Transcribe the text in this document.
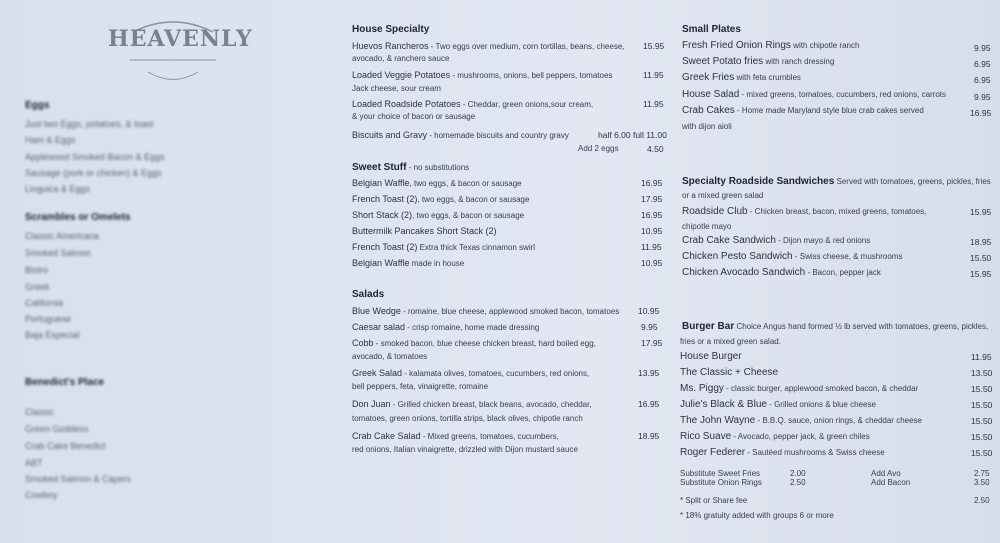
HEAVENLY
Eggs
Just two Eggs, potatoes, & toast
Ham & Eggs
Applewood Smoked Bacon & Eggs
Sausage (pork or chicken) & Eggs
Linguica & Eggs
Scrambles or Omelets
Classic Americana
Smoked Salmon
Bistro
Greek
California
Portuguese
Baja Especial
Benedict's Place
Classic
Green Goddess
Crab Cake Benedict
ABT
Smoked Salmon & Capers
Cowboy
House Specialty
Huevos Rancheros - Two eggs over medium, corn tortillas, beans, cheese,
avocado, & ranchero sauce
15.95
Loaded Veggie Potatoes - mushrooms, onions, bell peppers, tomatoes
Jack cheese, sour cream
11.95
Loaded Roadside Potatoes - Cheddar, green onions,sour cream,
& your choice of bacon or sausage
11.95
Biscuits and Gravy - homemade biscuits and country gravy	half 6.00 full 11.00
Add 2 eggs	4.50
Sweet Stuff - no substitutions
Belgian Waffle, two eggs, & bacon or sausage	16.95
French Toast (2), two eggs, & bacon or sausage	17.95
Short Stack (2), two eggs, & bacon or sausage	16.95
Buttermilk Pancakes Short Stack (2)	10.95
French Toast (2) Extra thick Texas cinnamon swirl	11.95
Belgian Waffle made in house	10.95
Salads
Blue Wedge - romaine, blue cheese, applewood smoked bacon, tomatoes 10.95
Caesar salad - crisp romaine, home made dressing	9.95
Cobb - smoked bacon, blue cheese chicken breast, hard boiled egg,
avocado, & tomatoes
17.95
Greek Salad - kalamata olives, tomatoes, cucumbers, red onions,
bell peppers, feta, vinaigrette, romaine
13.95
Don Juan - Grilled chicken breast, black beans, avocado, cheddar,
tomatoes, green onions, tortilla strips, black olives, chipotle ranch
16.95
Crab Cake Salad - Mixed greens, tomatoes, cucumbers,
red onions, Italian vinaigrette, drizzled with Dijon mustard sauce
18.95
Small Plates
Fresh Fried Onion Rings with chipotle ranch	9.95
Sweet Potato fries with ranch dressing	6.95
Greek Fries with feta crumbles	6.95
House Salad - mixed greens, tomatoes, cucumbers, red onions, carrots	9.95
Crab Cakes - Home made Maryland style blue crab cakes served
with dijon aioli
16.95
Specialty Roadside Sandwiches Served with tomatoes, greens, pickles, fries
or a mixed green salad
Roadside Club - Chicken breast, bacon, mixed greens, tomatoes,
chipotle mayo
15.95
Crab Cake Sandwich - Dijon mayo & red onions	18.95
Chicken Pesto Sandwich - Swiss cheese, & mushrooms	15.50
Chicken Avocado Sandwich - Bacon, pepper jack	15.95
Burger Bar Choice Angus hand formed ½ lb served with tomatoes, greens, pickles,
fries or a mixed green salad.
House Burger	11.95
The Classic + Cheese	13.50
Ms. Piggy - classic burger, applewood smoked bacon, & cheddar	15.50
Julie's Black & Blue - Grilled onions & blue cheese	15.50
The John Wayne - B.B.Q. sauce, onion rings, & cheddar cheese	15.50
Rico Suave - Avocado, pepper jack, & green chiles	15.50
Roger Federer - Sautéed mushrooms & Swiss cheese	15.50
Substitute Sweet Fries	2.00	Add Avo	2.75
Substitute Onion Rings	2.50	Add Bacon	3.50
* Split or Share fee	2.50
* 18% gratuity added with groups 6 or more
